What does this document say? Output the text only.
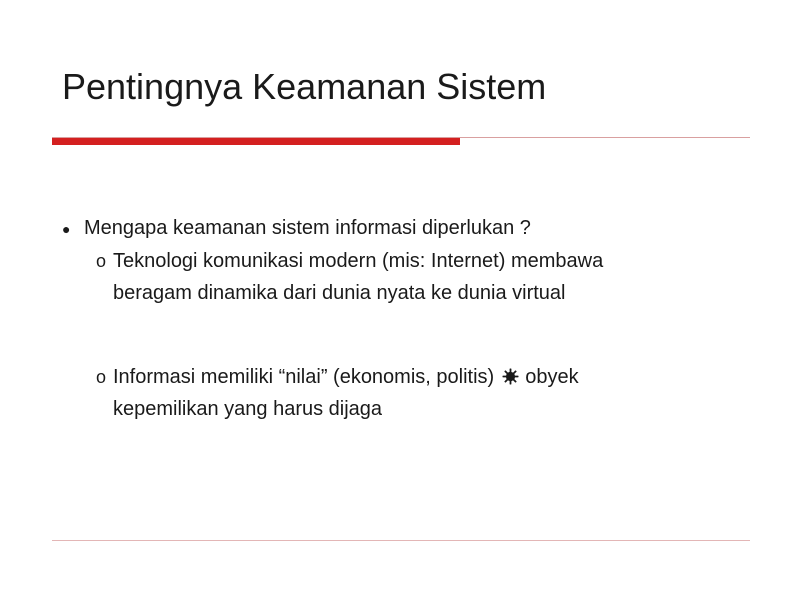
Pentingnya Keamanan Sistem
● Mengapa keamanan sistem informasi diperlukan ?
o Teknologi komunikasi modern (mis: Internet) membawa
beragam dinamika dari dunia nyata ke dunia virtual
o Informasi memiliki “nilai” (ekonomis, politis) obyek
kepemilikan yang harus dijaga
